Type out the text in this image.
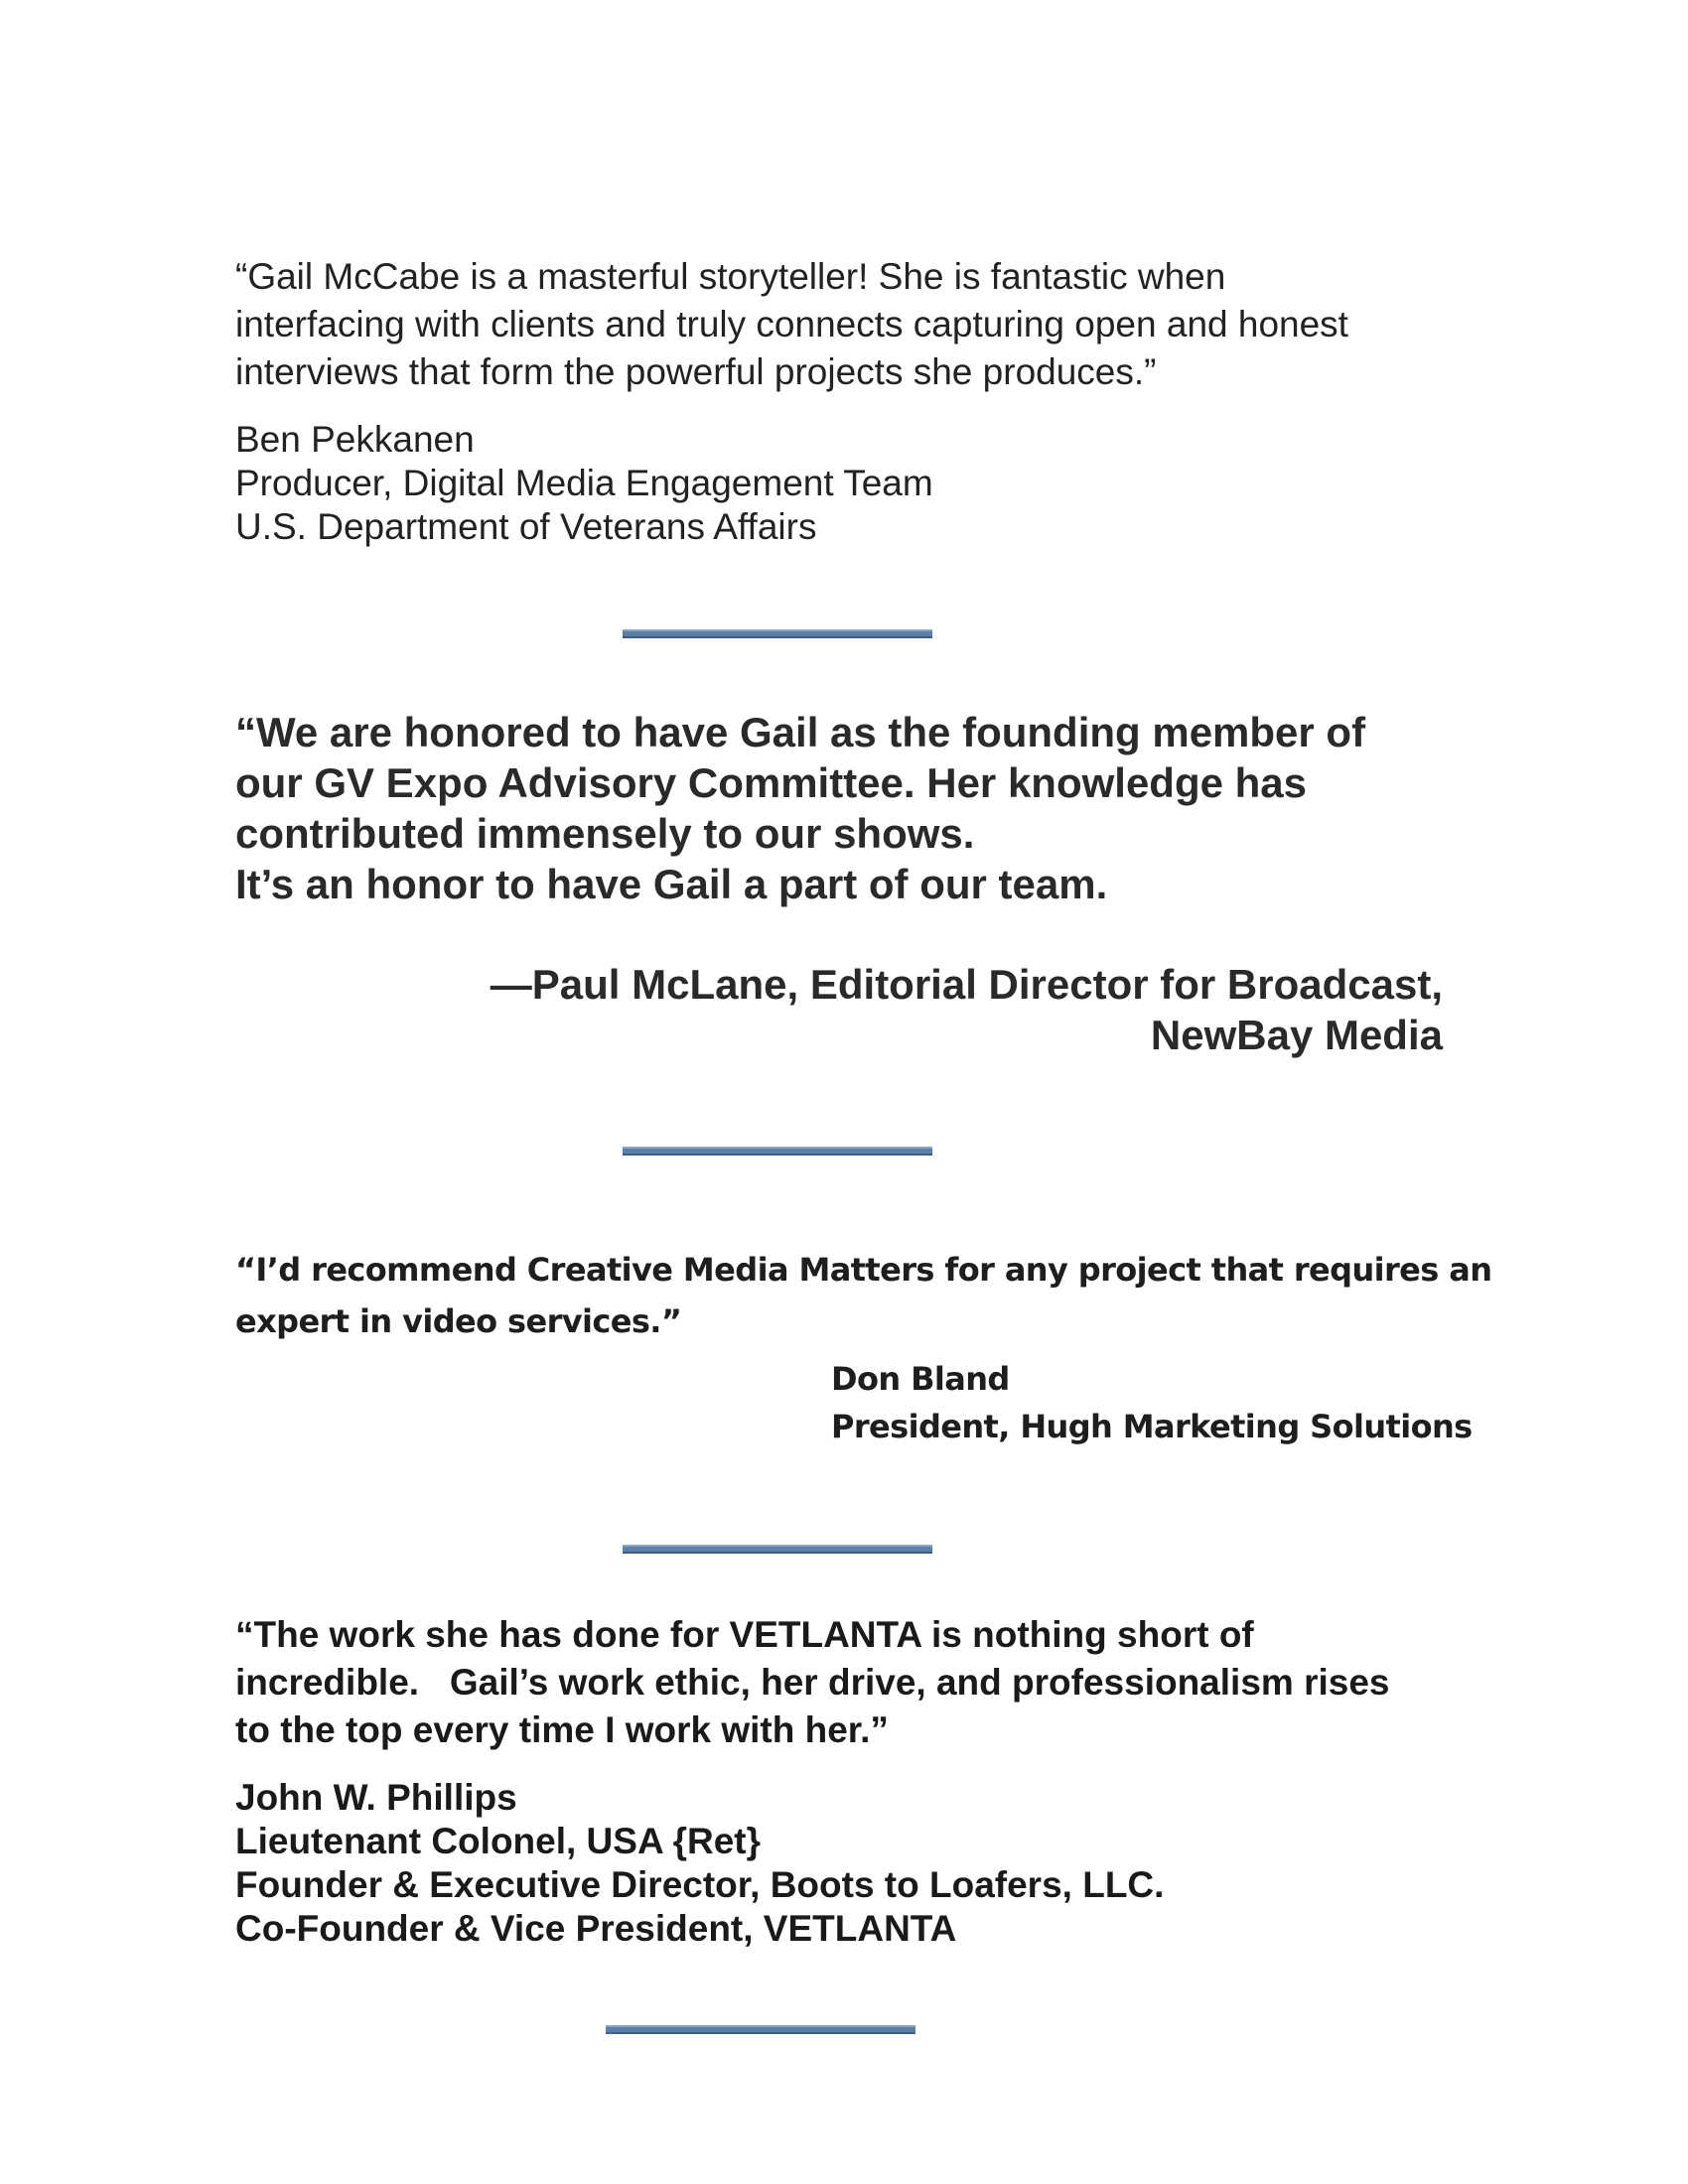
“Gail McCabe is a masterful storyteller! She is fantastic when
interfacing with clients and truly connects capturing open and honest
interviews that form the powerful projects she produces.”
Ben Pekkanen
Producer, Digital Media Engagement Team
U.S. Department of Veterans Affairs
“We are honored to have Gail as the founding member of
our GV Expo Advisory Committee. Her knowledge has
contributed immensely to our shows.
It’s an honor to have Gail a part of our team.
—Paul McLane, Editorial Director for Broadcast,
NewBay Media
“I’d recommend Creative Media Matters for any project that requires an
expert in video services.”
Don Bland
President, Hugh Marketing Solutions
“The work she has done for VETLANTA is nothing short of
incredible.   Gail’s work ethic, her drive, and professionalism rises
to the top every time I work with her.”
John W. Phillips
Lieutenant Colonel, USA {Ret}
Founder & Executive Director, Boots to Loafers, LLC.
Co-Founder & Vice President, VETLANTA
